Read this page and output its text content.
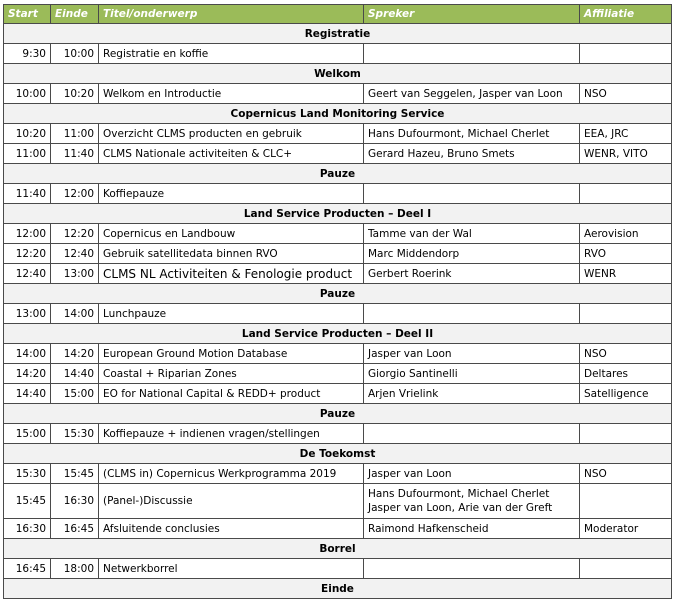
Start	Einde	Titel/onderwerp	Spreker	Affiliatie
Registratie				
9:30	10:00	Registratie en koffie		
Welkom				
10:00	10:20	Welkom en Introductie	Geert van Seggelen, Jasper van Loon	NSO
Copernicus Land Monitoring Service				
10:20	11:00	Overzicht CLMS producten en gebruik	Hans Dufourmont, Michael Cherlet	EEA, JRC
11:00	11:40	CLMS Nationale activiteiten & CLC+	Gerard Hazeu, Bruno Smets	WENR, VITO
Pauze				
11:40	12:00	Koffiepauze		
Land Service Producten – Deel I				
12:00	12:20	Copernicus en Landbouw	Tamme van der Wal	Aerovision
12:20	12:40	Gebruik satellitedata binnen RVO	Marc Middendorp	RVO
12:40	13:00	CLMS NL Activiteiten & Fenologie product	Gerbert Roerink	WENR
Pauze				
13:00	14:00	Lunchpauze		
Land Service Producten – Deel II				
14:00	14:20	European Ground Motion Database	Jasper van Loon	NSO
14:20	14:40	Coastal + Riparian Zones	Giorgio Santinelli	Deltares
14:40	15:00	EO for National Capital & REDD+ product	Arjen Vrielink	Satelligence
Pauze				
15:00	15:30	Koffiepauze + indienen vragen/stellingen		
De Toekomst				
15:30	15:45	(CLMS in) Copernicus Werkprogramma 2019	Jasper van Loon	NSO
15:45	16:30	(Panel-)Discussie	Hans Dufourmont, Michael Cherlet
Jasper van Loon, Arie van der Greft	

16:30	16:45	Afsluitende conclusies	Raimond Hafkenscheid	Moderator
Borrel				
16:45	18:00	Netwerkborrel		
Einde				
